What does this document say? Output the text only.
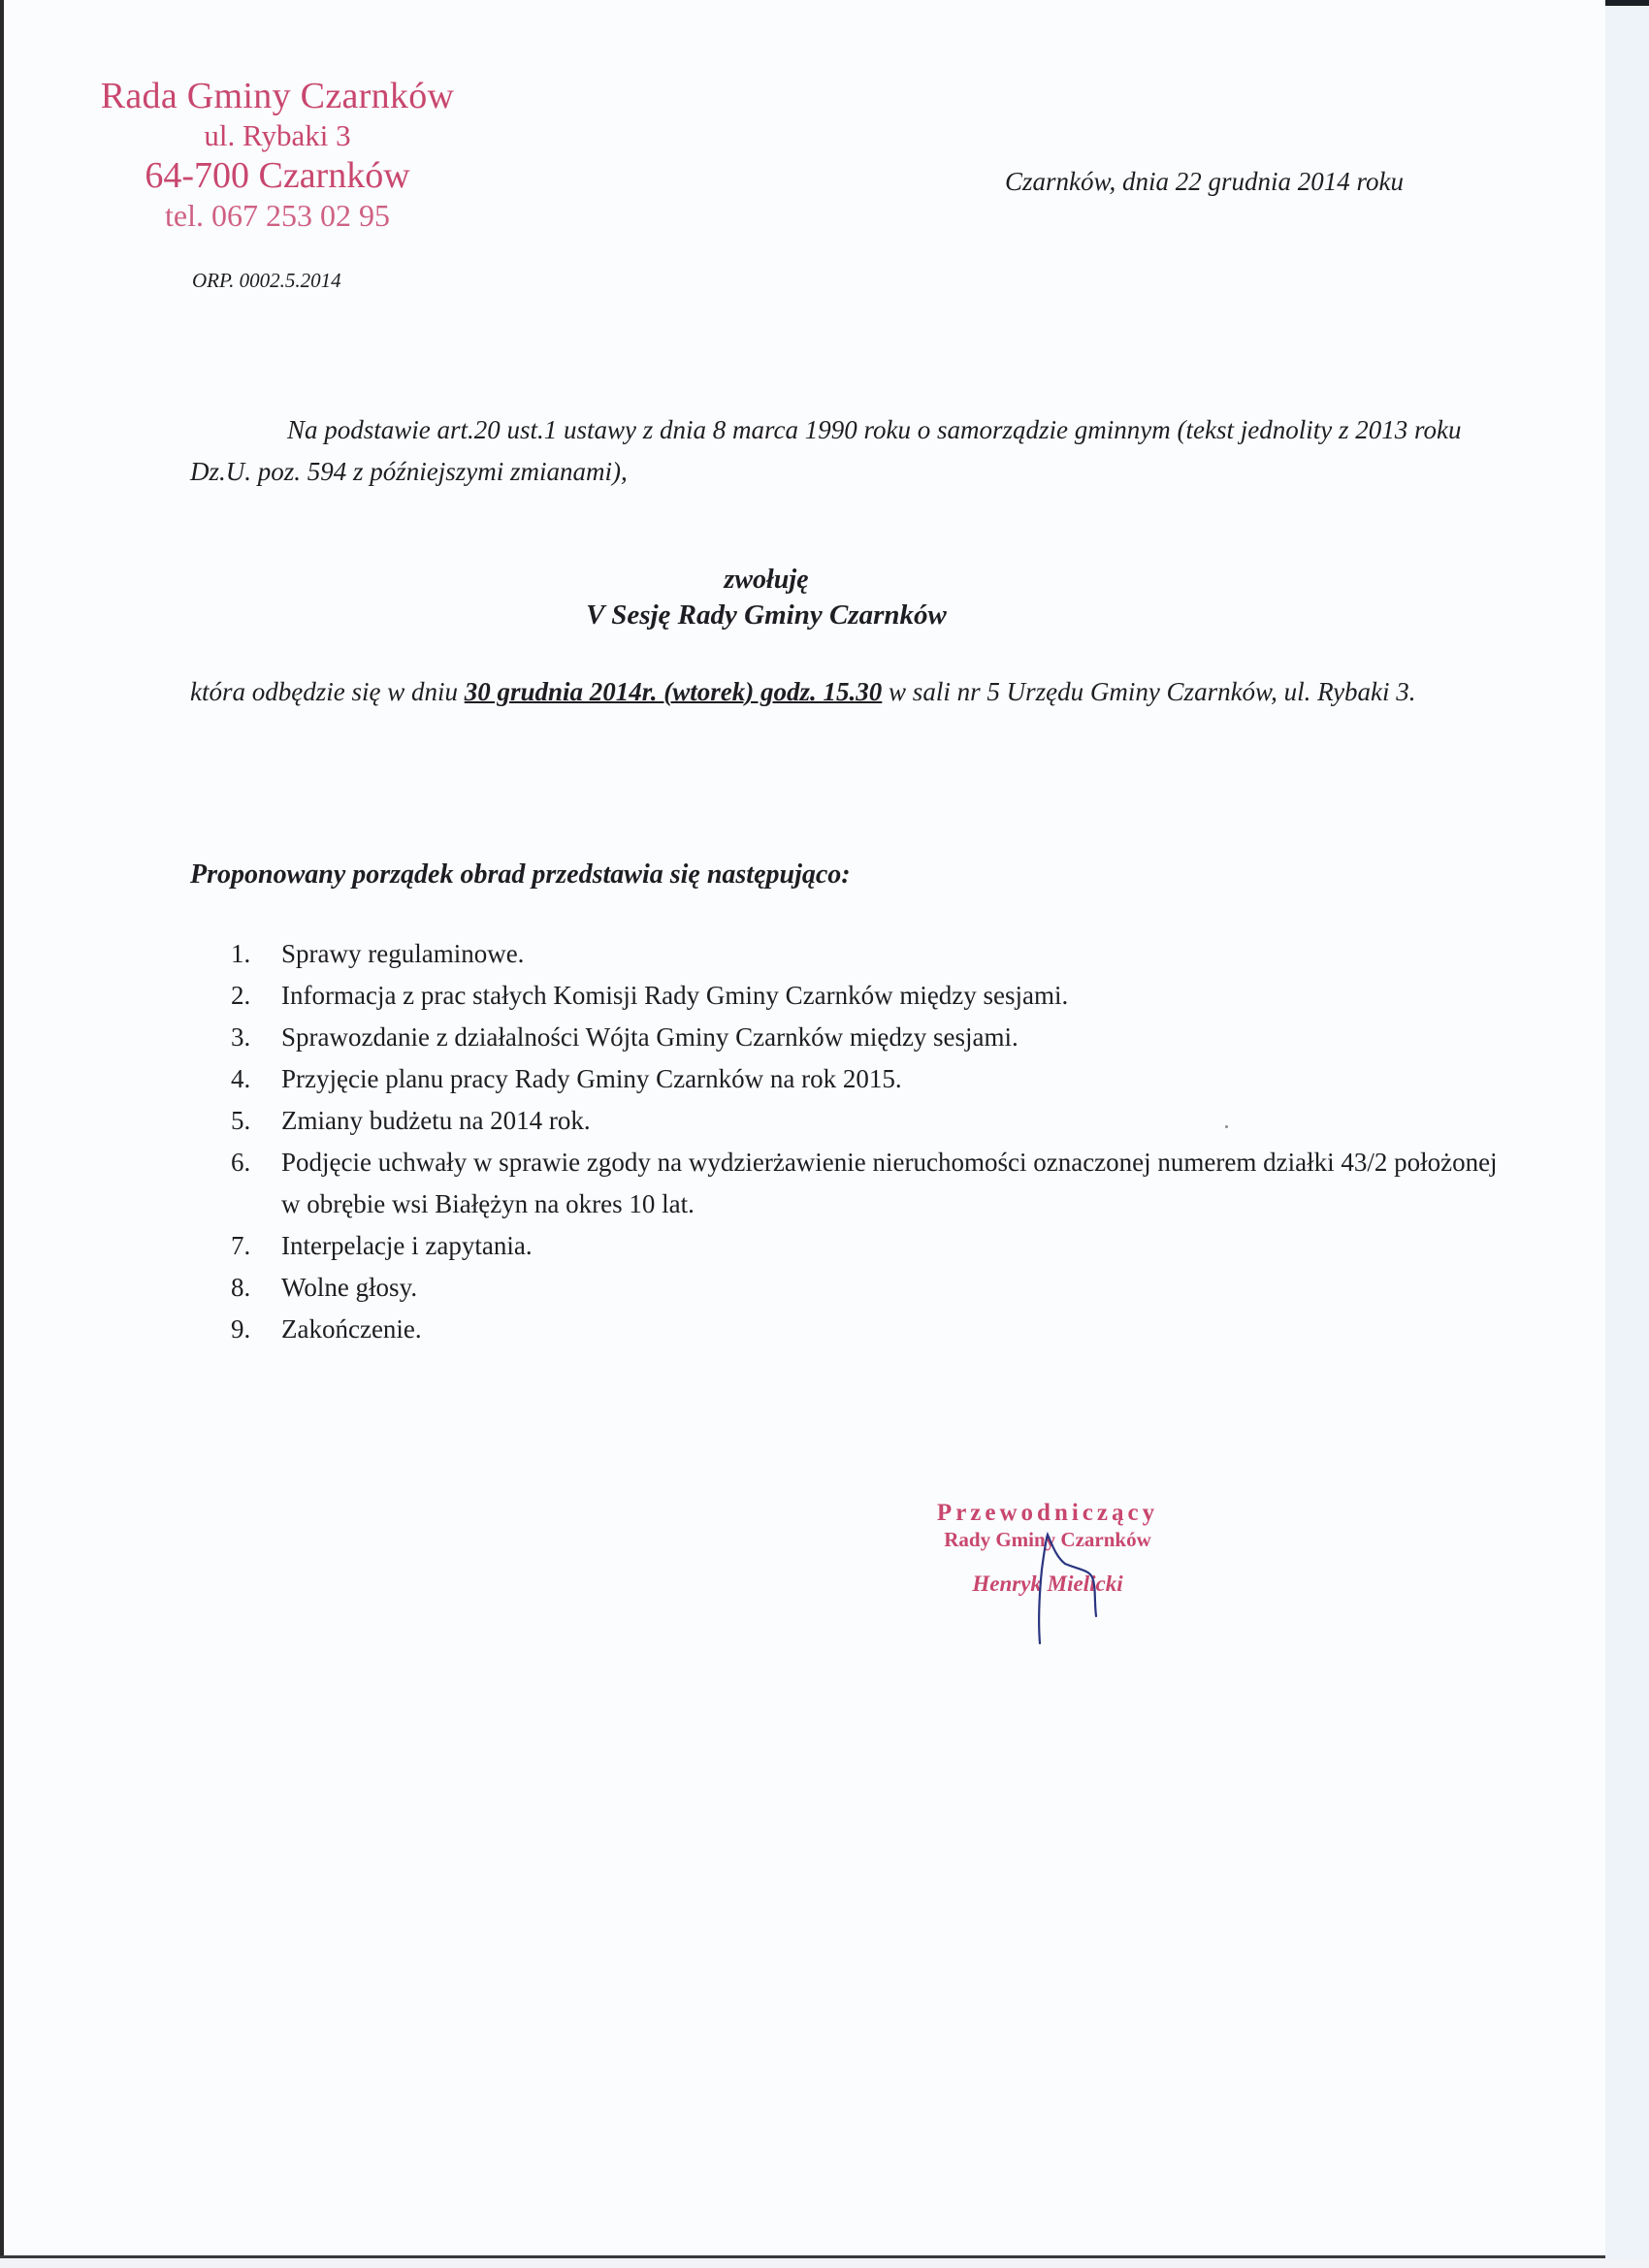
Rada Gminy Czarnków
ul. Rybaki 3
64-700 Czarnków
tel. 067 253 02 95
ORP. 0002.5.2014
Czarnków, dnia 22 grudnia 2014 roku
Na podstawie art.20 ust.1 ustawy z dnia 8 marca 1990 roku o samorządzie gminnym (tekst jednolity z 2013 roku Dz.U. poz. 594 z późniejszymi zmianami),
zwołuję
V Sesję Rady Gminy Czarnków
która odbędzie się w dniu 30 grudnia 2014r. (wtorek) godz. 15.30 w sali nr 5 Urzędu Gminy Czarnków, ul. Rybaki 3.
Proponowany porządek obrad przedstawia się następująco:
1.	Sprawy regulaminowe.
2.	Informacja z prac stałych Komisji Rady Gminy Czarnków między sesjami.
3.	Sprawozdanie z działalności Wójta Gminy Czarnków między sesjami.
4.	Przyjęcie planu pracy Rady Gminy Czarnków na rok 2015.
5.	Zmiany budżetu na 2014 rok.
6.	Podjęcie uchwały w sprawie zgody na wydzierżawienie nieruchomości oznaczonej numerem działki 43/2 położonej w obrębie wsi Białężyn na okres 10 lat.
7.	Interpelacje i zapytania.
8.	Wolne głosy.
9.	Zakończenie.
Przewodniczący
Rady Gminy Czarnków
Henryk Mielicki
